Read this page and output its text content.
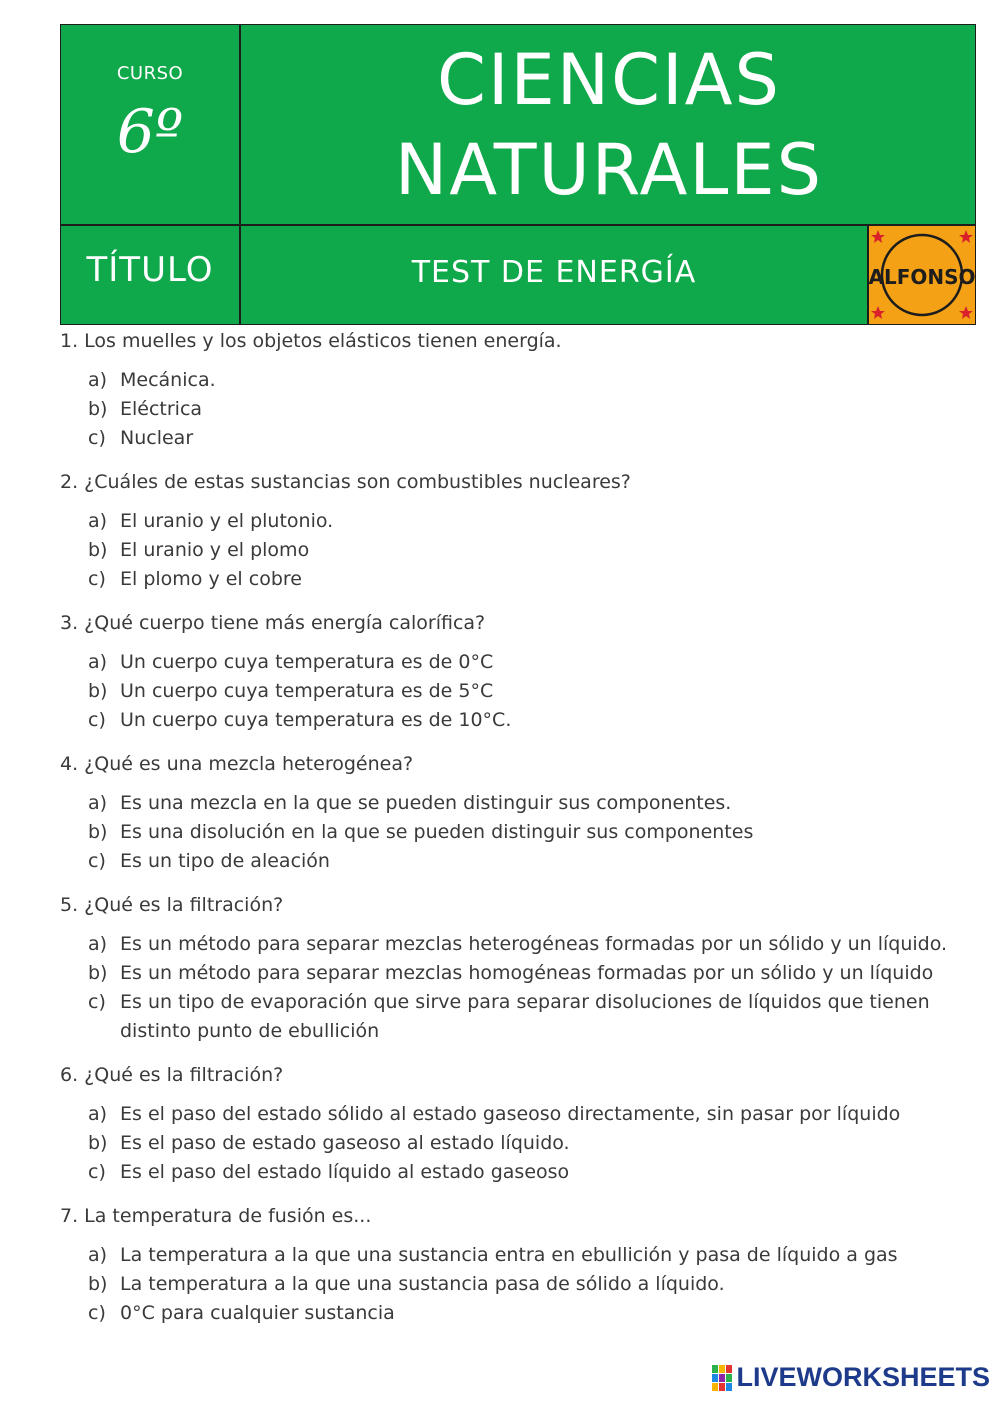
CURSO
6º
CIENCIAS
NATURALES
TÍTULO	TEST DE ENERGÍA	ALFONSO

1. Los muelles y los objetos elásticos tienen energía.

a) Mecánica.
b) Eléctrica
c) Nuclear

2. ¿Cuáles de estas sustancias son combustibles nucleares?

a) El uranio y el plutonio.
b) El uranio y el plomo
c) El plomo y el cobre

3. ¿Qué cuerpo tiene más energía calorífica?

a) Un cuerpo cuya temperatura es de 0°C
b) Un cuerpo cuya temperatura es de 5°C
c) Un cuerpo cuya temperatura es de 10°C.

4. ¿Qué es una mezcla heterogénea?

a) Es una mezcla en la que se pueden distinguir sus componentes.
b) Es una disolución en la que se pueden distinguir sus componentes
c) Es un tipo de aleación

5. ¿Qué es la filtración?

a) Es un método para separar mezclas heterogéneas formadas por un sólido y un líquido.
b) Es un método para separar mezclas homogéneas formadas por un sólido y un líquido
c) Es un tipo de evaporación que sirve para separar disoluciones de líquidos que tienen distinto punto de ebullición

6. ¿Qué es la filtración?

a) Es el paso del estado sólido al estado gaseoso directamente, sin pasar por líquido
b) Es el paso de estado gaseoso al estado líquido.
c) Es el paso del estado líquido al estado gaseoso

7. La temperatura de fusión es...

a) La temperatura a la que una sustancia entra en ebullición y pasa de líquido a gas
b) La temperatura a la que una sustancia pasa de sólido a líquido.
c) 0°C para cualquier sustancia
LIVEWORKSHEETS
